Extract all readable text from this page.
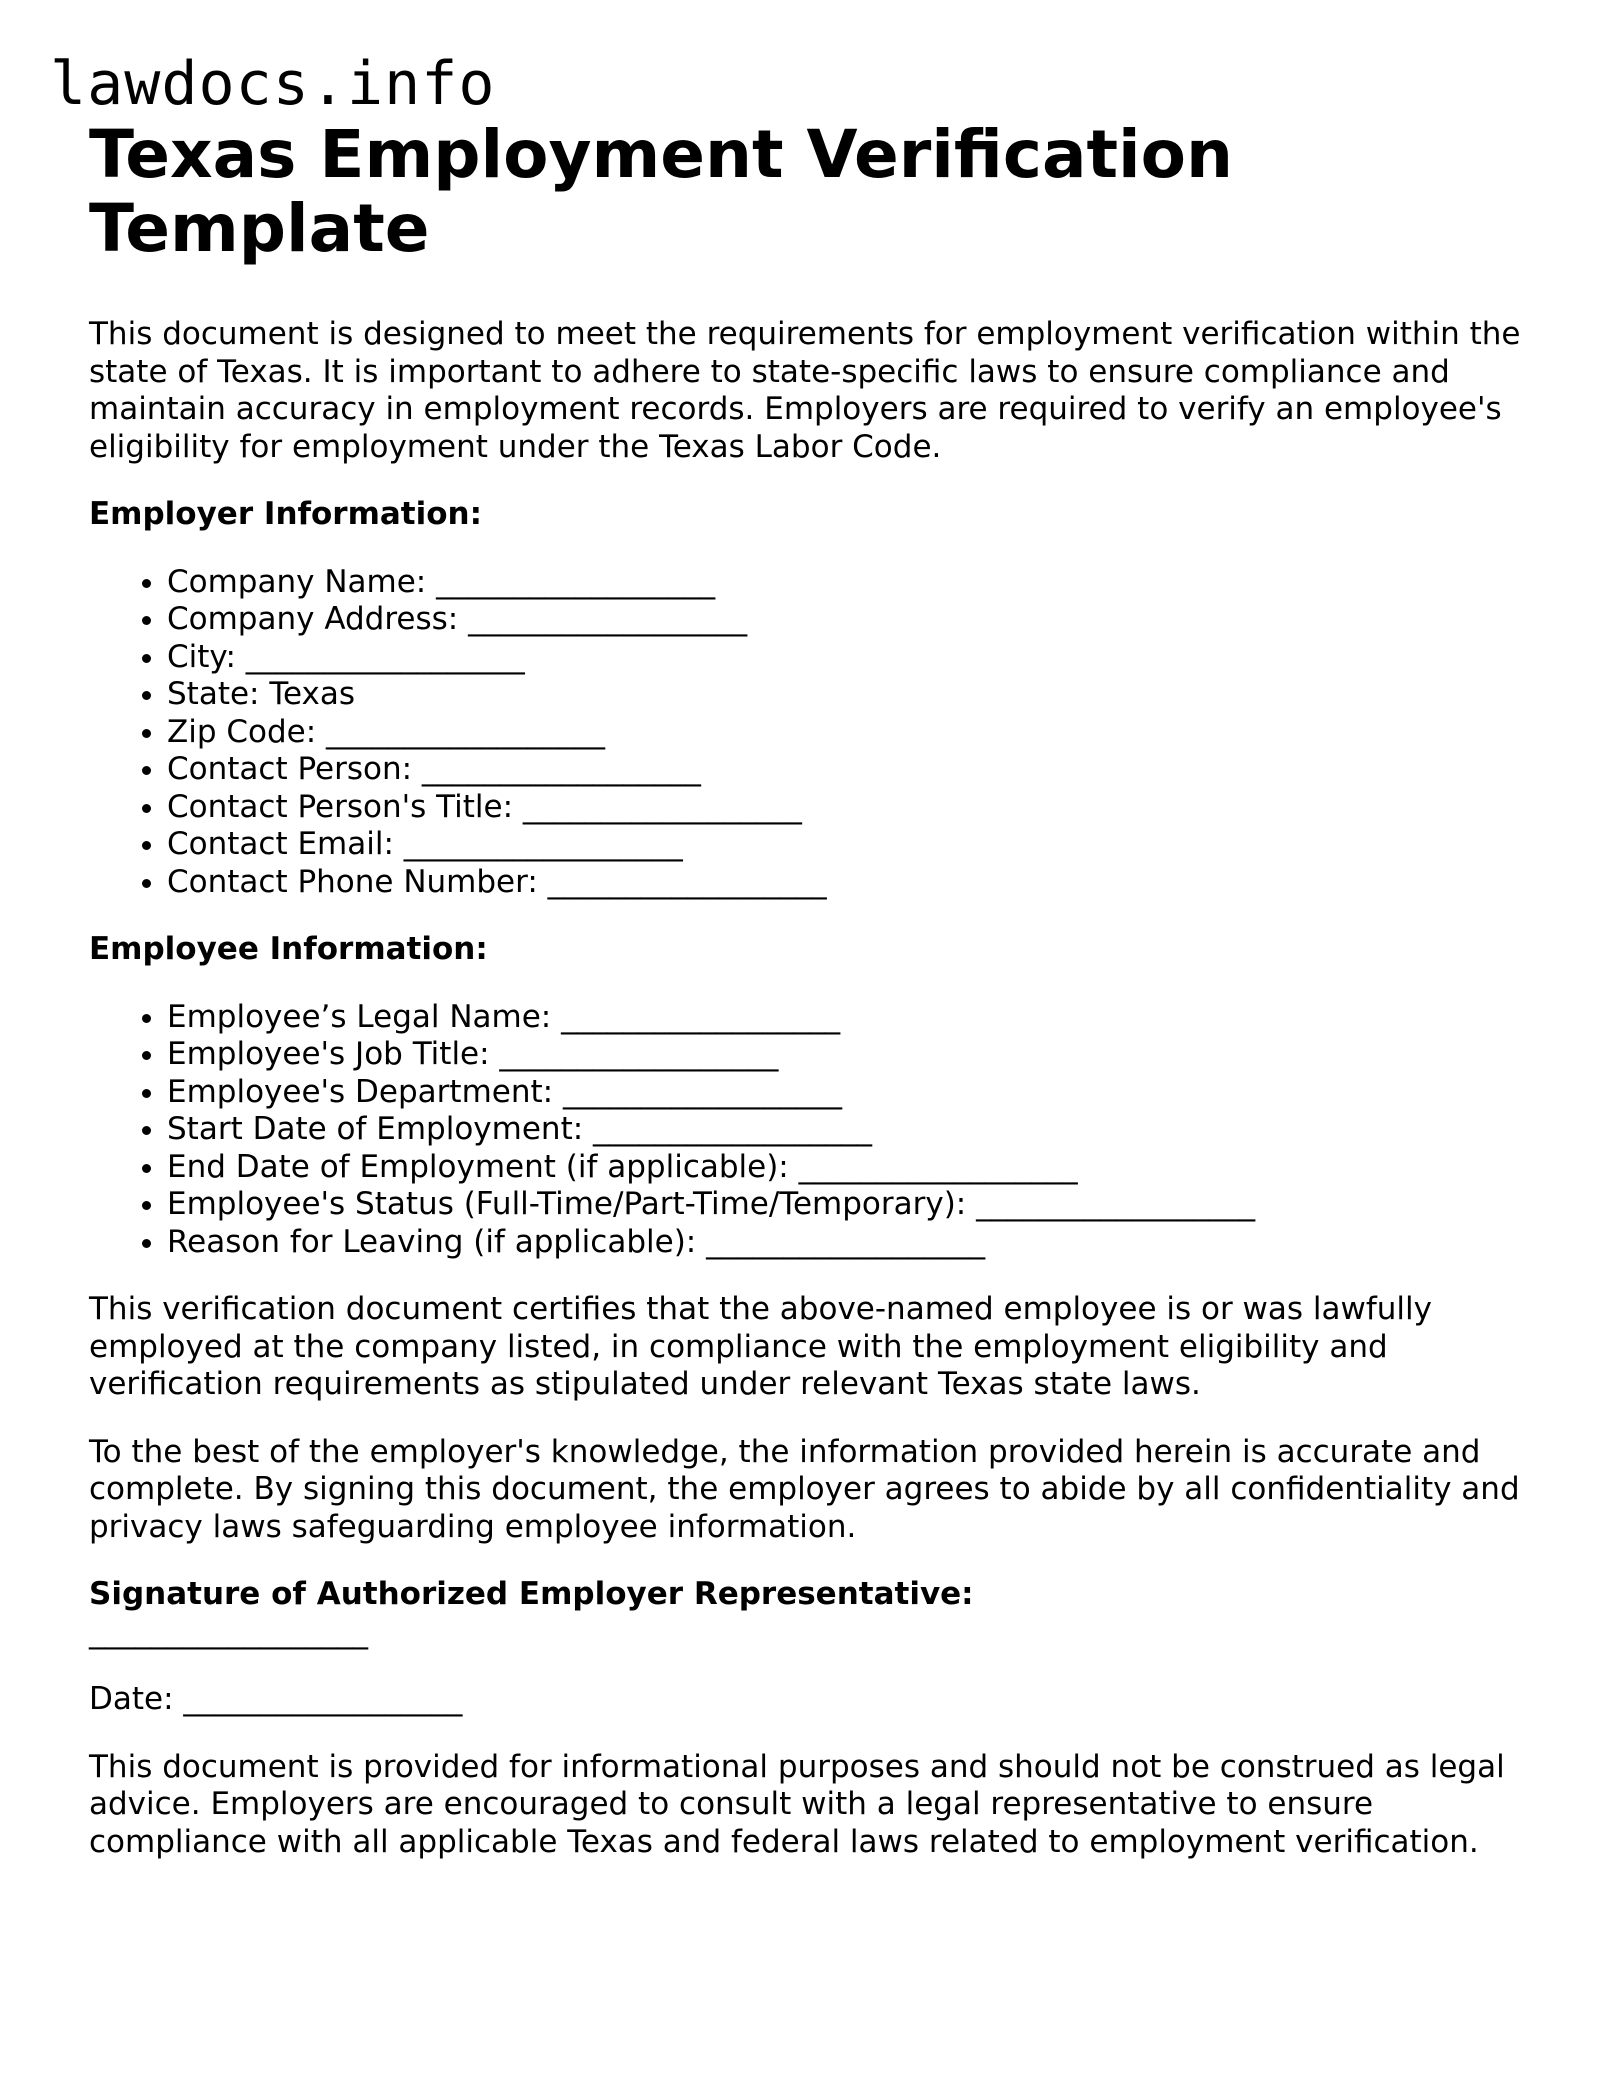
lawdocs.info
Texas Employment Verification Template

This document is designed to meet the requirements for employment verification within the state of Texas. It is important to adhere to state-specific laws to ensure compliance and maintain accuracy in employment records. Employers are required to verify an employee's eligibility for employment under the Texas Labor Code.

Employer Information:

• Company Name: __________________
• Company Address: __________________
• City: __________________
• State: Texas
• Zip Code: __________________
• Contact Person: __________________
• Contact Person's Title: __________________
• Contact Email: __________________
• Contact Phone Number: __________________

Employee Information:

• Employee’s Legal Name: __________________
• Employee's Job Title: __________________
• Employee's Department: __________________
• Start Date of Employment: __________________
• End Date of Employment (if applicable): __________________
• Employee's Status (Full-Time/Part-Time/Temporary): __________________
• Reason for Leaving (if applicable): __________________

This verification document certifies that the above-named employee is or was lawfully employed at the company listed, in compliance with the employment eligibility and verification requirements as stipulated under relevant Texas state laws.

To the best of the employer's knowledge, the information provided herein is accurate and complete. By signing this document, the employer agrees to abide by all confidentiality and privacy laws safeguarding employee information.

Signature of Authorized Employer Representative:

__________________

Date: __________________

This document is provided for informational purposes and should not be construed as legal advice. Employers are encouraged to consult with a legal representative to ensure compliance with all applicable Texas and federal laws related to employment verification.
